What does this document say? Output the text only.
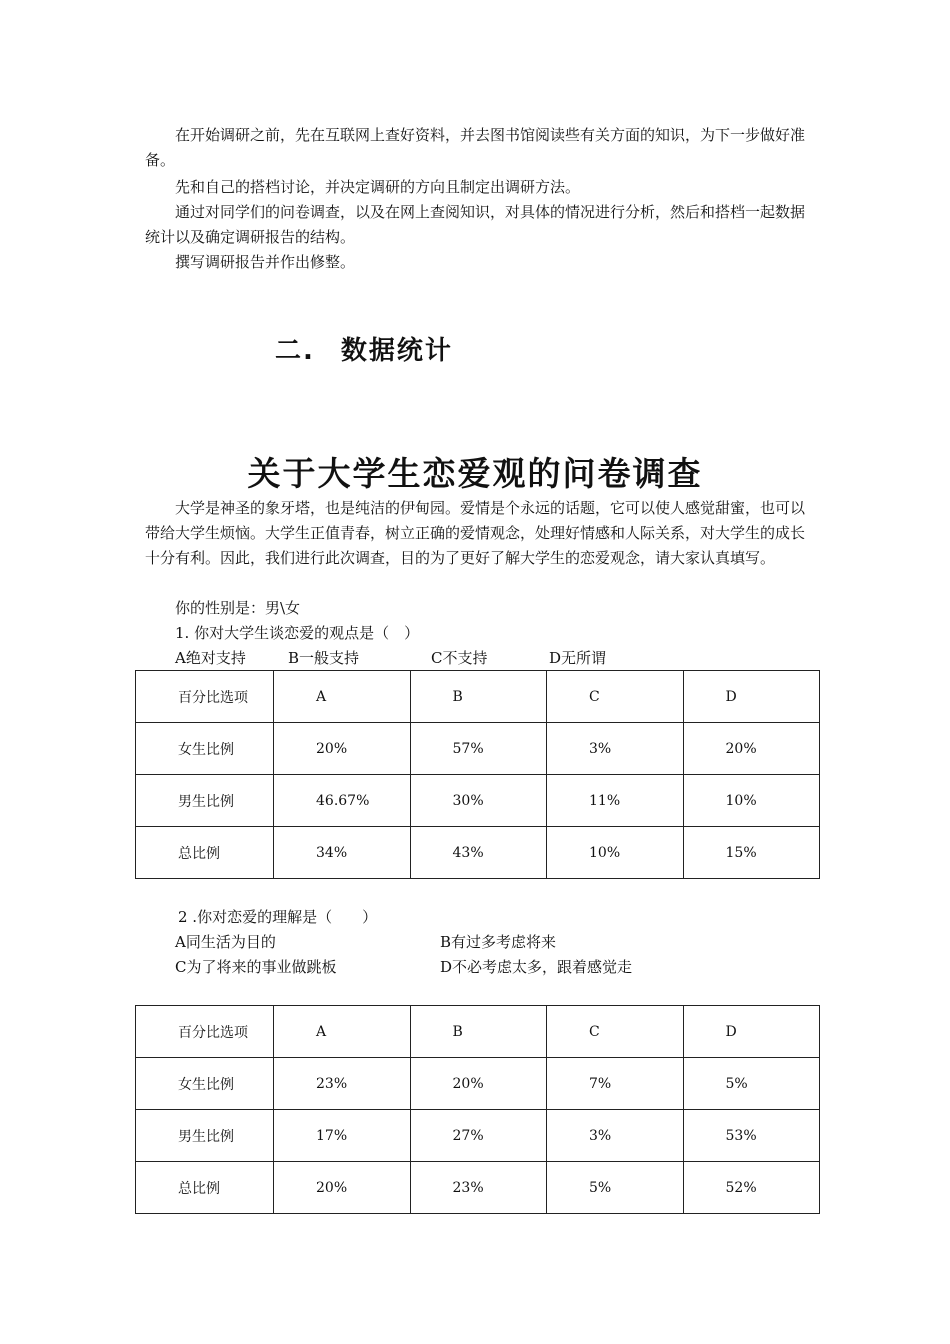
在开始调研之前，先在互联网上查好资料，并去图书馆阅读些有关方面的知识，为下一步做好准备。

先和自己的搭档讨论，并决定调研的方向且制定出调研方法。

通过对同学们的问卷调查，以及在网上查阅知识，对具体的情况进行分析，然后和搭档一起数据统计以及确定调研报告的结构。

撰写调研报告并作出修整。

二. 数据统计
关于大学生恋爱观的问卷调查

大学是神圣的象牙塔，也是纯洁的伊甸园。爱情是个永远的话题，它可以使人感觉甜蜜，也可以带给大学生烦恼。大学生正值青春，树立正确的爱情观念，处理好情感和人际关系，对大学生的成长十分有利。因此，我们进行此次调查，目的为了更好了解大学生的恋爱观念，请大家认真填写。

你的性别是：男\女
1. 你对大学生谈恋爱的观点是（　）
A绝对支持	B一般支持	C不支持	D无所谓
百分比选项	A	B	C	D
女生比例	20%	57%	3%	20%
男生比例	46.67%	30%	11%	10%
总比例	34%	43%	10%	15%
2 .你对恋爱的理解是（　　）
A同生活为目的	B有过多考虑将来
C为了将来的事业做跳板	D不必考虑太多，跟着感觉走
百分比选项	A	B	C	D
女生比例	23%	20%	7%	5%
男生比例	17%	27%	3%	53%
总比例	20%	23%	5%	52%
